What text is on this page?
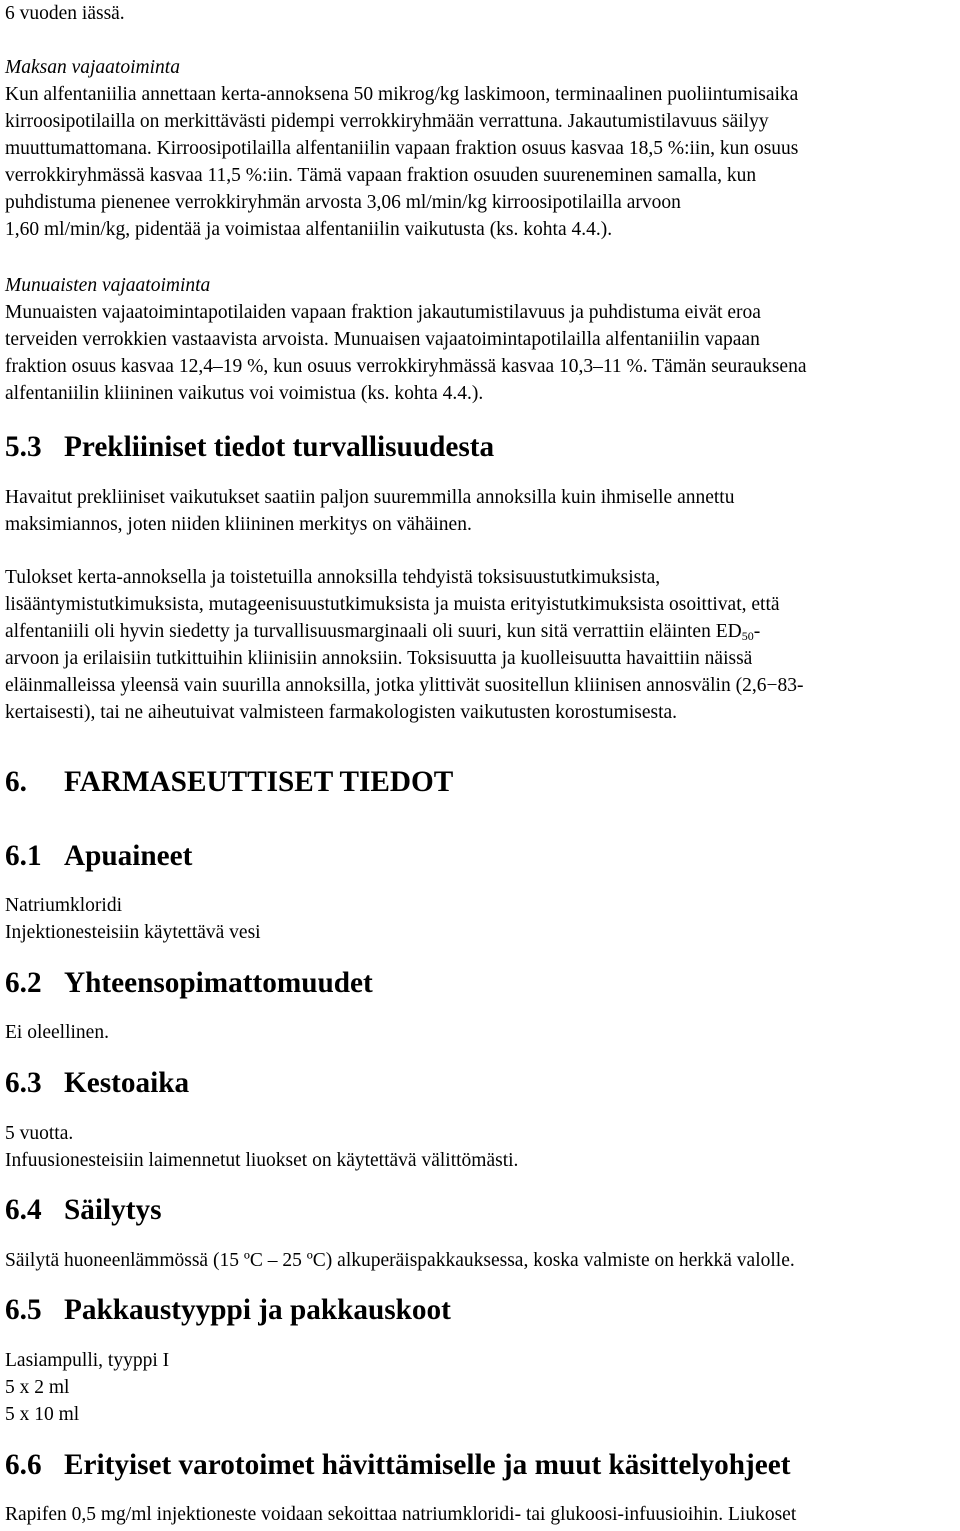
6 vuoden iässä.

Maksan vajaatoiminta
Kun alfentaniilia annettaan kerta-annoksena 50 mikrog/kg laskimoon, terminaalinen puoliintumisaika
kirroosipotilailla on merkittävästi pidempi verrokkiryhmään verrattuna. Jakautumistilavuus säilyy
muuttumattomana. Kirroosipotilailla alfentaniilin vapaan fraktion osuus kasvaa 18,5 %:iin, kun osuus
verrokkiryhmässä kasvaa 11,5 %:iin. Tämä vapaan fraktion osuuden suureneminen samalla, kun
puhdistuma pienenee verrokkiryhmän arvosta 3,06 ml/min/kg kirroosipotilailla arvoon
1,60 ml/min/kg, pidentää ja voimistaa alfentaniilin vaikutusta (ks. kohta 4.4.).
Munuaisten vajaatoiminta
Munuaisten vajaatoimintapotilaiden vapaan fraktion jakautumistilavuus ja puhdistuma eivät eroa
terveiden verrokkien vastaavista arvoista. Munuaisen vajaatoimintapotilailla alfentaniilin vapaan
fraktion osuus kasvaa 12,4–19 %, kun osuus verrokkiryhmässä kasvaa 10,3–11 %. Tämän seurauksena
alfentaniilin kliininen vaikutus voi voimistua (ks. kohta 4.4.).
5.3 Prekliiniset tiedot turvallisuudesta
Havaitut prekliiniset vaikutukset saatiin paljon suuremmilla annoksilla kuin ihmiselle annettu
maksimiannos, joten niiden kliininen merkitys on vähäinen.
Tulokset kerta-annoksella ja toistetuilla annoksilla tehdyistä toksisuustutkimuksista,
lisääntymistutkimuksista, mutageenisuustutkimuksista ja muista erityistutkimuksista osoittivat, että
alfentaniili oli hyvin siedetty ja turvallisuusmarginaali oli suuri, kun sitä verrattiin eläinten $ED_{50}-$
arvoon ja erilaisiin tutkittuihin kliinisiin annoksiin. Toksisuutta ja kuolleisuutta havaittiin näissä
eläinmalleissa yleensä vain suurilla annoksilla, jotka ylittivät suositellun kliinisen annosvälin (2,6−83-
kertaisesti), tai ne aiheutuivat valmisteen farmakologisten vaikutusten korostumisesta.
6. FARMASEUTTISET TIEDOT
6.1 Apuaineet
Natriumkloridi
Injektionesteisiin käytettävä vesi
6.2 Yhteensopimattomuudet
Ei oleellinen.
6.3 Kestoaika
5 vuotta.
Infuusionesteisiin laimennetut liuokset on käytettävä välittömästi.
6.4 Säilytys
Säilytä huoneenlämmössä (15 ºC – 25 ºC) alkuperäispakkauksessa, koska valmiste on herkkä valolle.
6.5 Pakkaustyyppi ja pakkauskoot
Lasiampulli, tyyppi I
5 x 2 ml
5 x 10 ml
6.6 Erityiset varotoimet hävittämiselle ja muut käsittelyohjeet
Rapifen 0,5 mg/ml injektioneste voidaan sekoittaa natriumkloridi- tai glukoosi-infuusioihin. Liukoset
